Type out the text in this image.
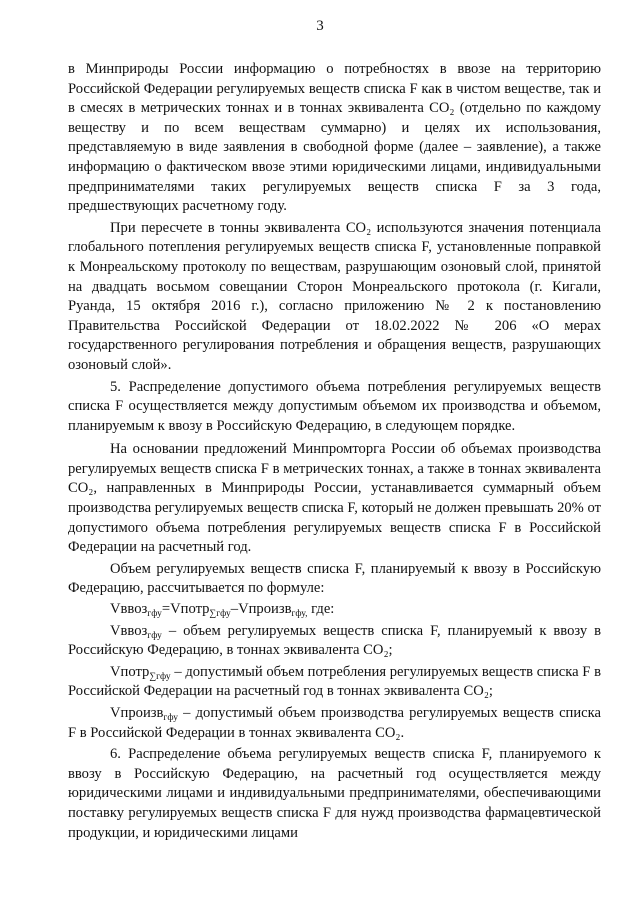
3

в Минприроды России информацию о потребностях в ввозе на территорию Российской Федерации регулируемых веществ списка F как в чистом веществе, так и в смесях в метрических тоннах и в тоннах эквивалента CO₂ (отдельно по каждому веществу и по всем веществам суммарно) и целях их использования, представляемую в виде заявления в свободной форме (далее – заявление), а также информацию о фактическом ввозе этими юридическими лицами, индивидуальными предпринимателями таких регулируемых веществ списка F за 3 года, предшествующих расчетному году.

При пересчете в тонны эквивалента CO₂ используются значения потенциала глобального потепления регулируемых веществ списка F, установленные поправкой к Монреальскому протоколу по веществам, разрушающим озоновый слой, принятой на двадцать восьмом совещании Сторон Монреальского протокола (г. Кигали, Руанда, 15 октября 2016 г.), согласно приложению № 2 к постановлению Правительства Российской Федерации от 18.02.2022 № 206 «О мерах государственного регулирования потребления и обращения веществ, разрушающих озоновый слой».

5. Распределение допустимого объема потребления регулируемых веществ списка F осуществляется между допустимым объемом их производства и объемом, планируемым к ввозу в Российскую Федерацию, в следующем порядке.

На основании предложений Минпромторга России об объемах производства регулируемых веществ списка F в метрических тоннах, а также в тоннах эквивалента CO₂, направленных в Минприроды России, устанавливается суммарный объем производства регулируемых веществ списка F, который не должен превышать 20% от допустимого объема потребления регулируемых веществ списка F в Российской Федерации на расчетный год.

Объем регулируемых веществ списка F, планируемый к ввозу в Российскую Федерацию, рассчитывается по формуле:

Vввоз$_{гфу}$=Vпотр$_{\sum гфу}$–Vпроизв$_{гфу,}$ где:

Vввоз$_{гфу}$ – объем регулируемых веществ списка F, планируемый к ввозу в Российскую Федерацию, в тоннах эквивалента CO₂;

Vпотр$_{\sum гфу}$ – допустимый объем потребления регулируемых веществ списка F в Российской Федерации на расчетный год в тоннах эквивалента CO₂;

Vпроизв$_{гфу}$ – допустимый объем производства регулируемых веществ списка F в Российской Федерации в тоннах эквивалента CO₂.

6. Распределение объема регулируемых веществ списка F, планируемого к ввозу в Российскую Федерацию, на расчетный год осуществляется между юридическими лицами и индивидуальными предпринимателями, обеспечивающими поставку регулируемых веществ списка F для нужд производства фармацевтической продукции, и юридическими лицами
